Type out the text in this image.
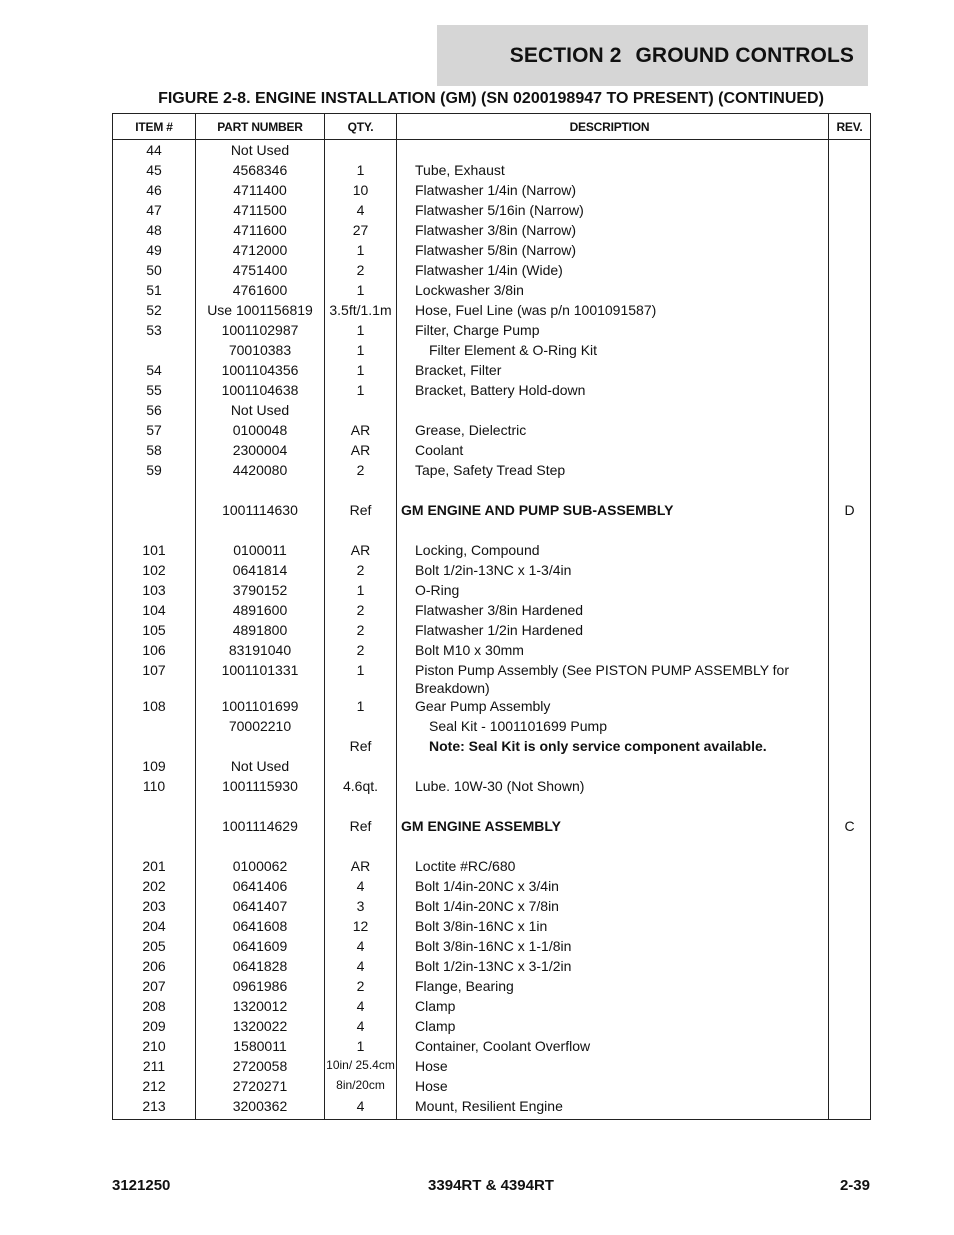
SECTION 2 GROUND CONTROLS
FIGURE 2-8. ENGINE INSTALLATION (GM) (SN 0200198947 TO PRESENT) (CONTINUED)
ITEM #	PART NUMBER	QTY.	DESCRIPTION	REV.
44	Not Used			
45	4568346	1	Tube, Exhaust	
46	4711400	10	Flatwasher 1/4in (Narrow)	
47	4711500	4	Flatwasher 5/16in (Narrow)	
48	4711600	27	Flatwasher 3/8in (Narrow)	
49	4712000	1	Flatwasher 5/8in (Narrow)	
50	4751400	2	Flatwasher 1/4in (Wide)	
51	4761600	1	Lockwasher 3/8in	
52	Use 1001156819	3.5ft/1.1m	Hose, Fuel Line (was p/n 1001091587)	
53	1001102987	1	Filter, Charge Pump	
	70010383	1	Filter Element & O-Ring Kit	
54	1001104356	1	Bracket, Filter	
55	1001104638	1	Bracket, Battery Hold-down	
56	Not Used			
57	0100048	AR	Grease, Dielectric	
58	2300004	AR	Coolant	
59	4420080	2	Tape, Safety Tread Step	

	1001114630	Ref	GM ENGINE AND PUMP SUB-ASSEMBLY	D

101	0100011	AR	Locking, Compound	
102	0641814	2	Bolt 1/2in-13NC x 1-3/4in	
103	3790152	1	O-Ring	
104	4891600	2	Flatwasher 3/8in Hardened	
105	4891800	2	Flatwasher 1/2in Hardened	
106	83191040	2	Bolt M10 x 30mm	
107	1001101331	1	Piston Pump Assembly (See PISTON PUMP ASSEMBLY for Breakdown)	
108	1001101699	1	Gear Pump Assembly	
	70002210		Seal Kit - 1001101699 Pump	
		Ref	Note: Seal Kit is only service component available.	
109	Not Used			
110	1001115930	4.6qt.	Lube. 10W-30 (Not Shown)	

	1001114629	Ref	GM ENGINE ASSEMBLY	C

201	0100062	AR	Loctite #RC/680	
202	0641406	4	Bolt 1/4in-20NC x 3/4in	
203	0641407	3	Bolt 1/4in-20NC x 7/8in	
204	0641608	12	Bolt 3/8in-16NC x 1in	
205	0641609	4	Bolt 3/8in-16NC x 1-1/8in	
206	0641828	4	Bolt 1/2in-13NC x 3-1/2in	
207	0961986	2	Flange, Bearing	
208	1320012	4	Clamp	
209	1320022	4	Clamp	
210	1580011	1	Container, Coolant Overflow	
211	2720058	10in/ 25.4cm	Hose	
212	2720271	8in/20cm	Hose	
213	3200362	4	Mount, Resilient Engine	
3121250	3394RT & 4394RT	2-39
